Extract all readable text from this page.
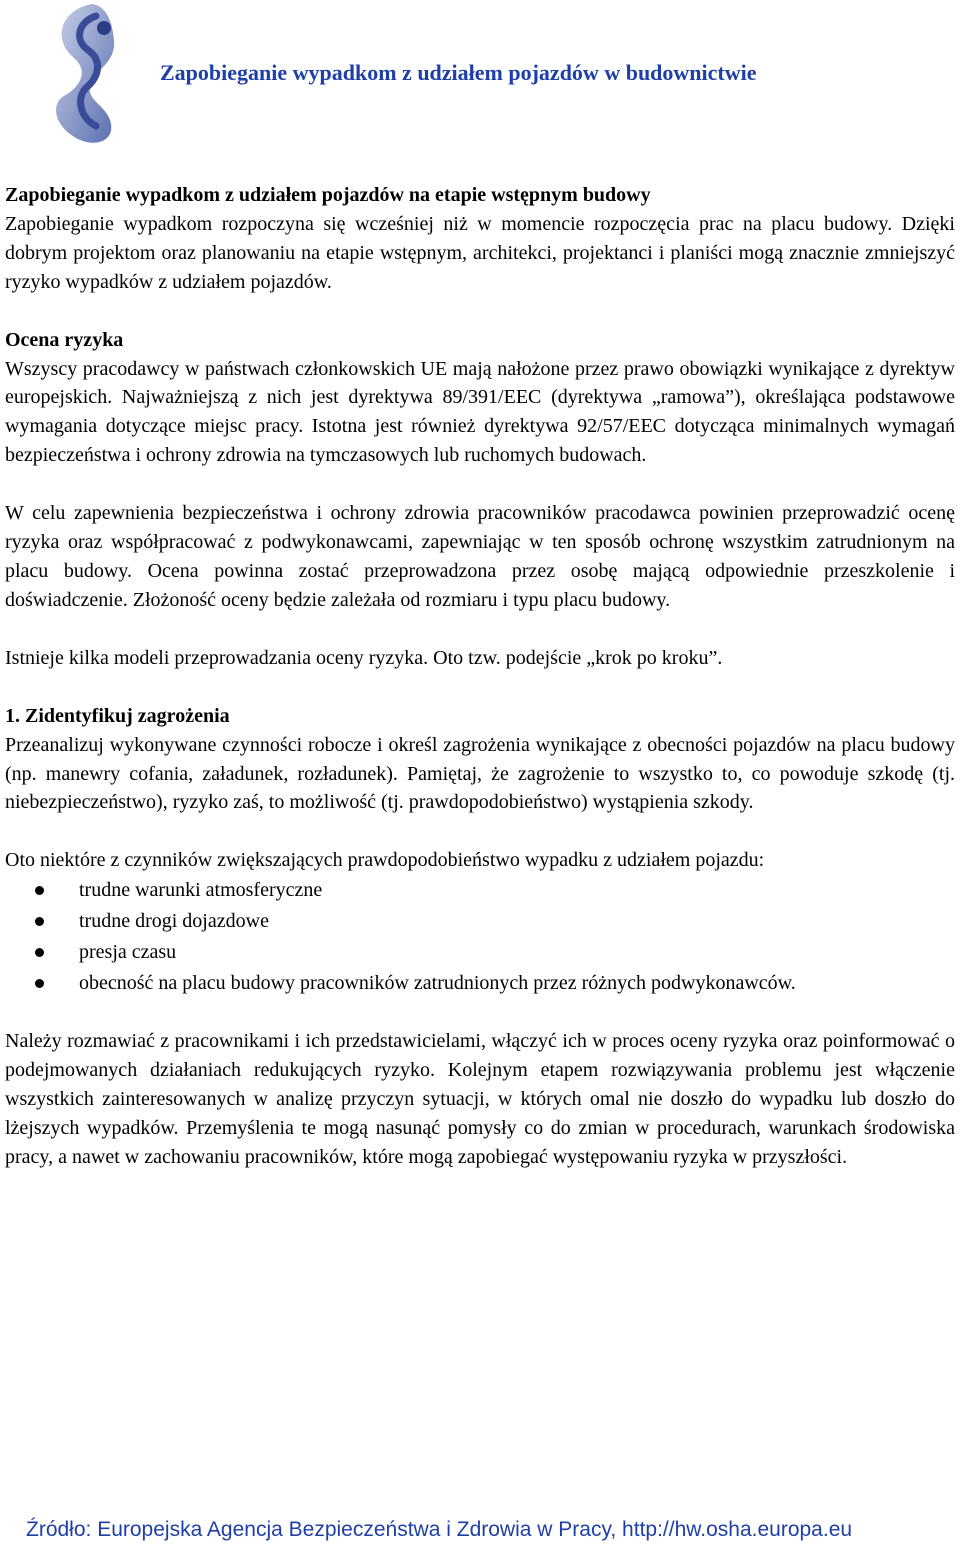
Zapobieganie wypadkom z udziałem pojazdów w budownictwie

Zapobieganie wypadkom z udziałem pojazdów na etapie wstępnym budowy

Zapobieganie wypadkom rozpoczyna się wcześniej niż w momencie rozpoczęcia prac na placu budowy. Dzięki dobrym projektom oraz planowaniu na etapie wstępnym, architekci, projektanci i planiści mogą znacznie zmniejszyć ryzyko wypadków z udziałem pojazdów.

Ocena ryzyka

Wszyscy pracodawcy w państwach członkowskich UE mają nałożone przez prawo obowiązki wynikające z dyrektyw europejskich. Najważniejszą z nich jest dyrektywa 89/391/EEC (dyrektywa „ramowa”), określająca podstawowe wymagania dotyczące miejsc pracy. Istotna jest również dyrektywa 92/57/EEC dotycząca minimalnych wymagań bezpieczeństwa i ochrony zdrowia na tymczasowych lub ruchomych budowach.

W celu zapewnienia bezpieczeństwa i ochrony zdrowia pracowników pracodawca powinien przeprowadzić ocenę ryzyka oraz współpracować z podwykonawcami, zapewniając w ten sposób ochronę wszystkim zatrudnionym na placu budowy. Ocena powinna zostać przeprowadzona przez osobę mającą odpowiednie przeszkolenie i doświadczenie. Złożoność oceny będzie zależała od rozmiaru i typu placu budowy.

Istnieje kilka modeli przeprowadzania oceny ryzyka. Oto tzw. podejście „krok po kroku”.

1. Zidentyfikuj zagrożenia

Przeanalizuj wykonywane czynności robocze i określ zagrożenia wynikające z obecności pojazdów na placu budowy (np. manewry cofania, załadunek, rozładunek). Pamiętaj, że zagrożenie to wszystko to, co powoduje szkodę (tj. niebezpieczeństwo), ryzyko zaś, to możliwość (tj. prawdopodobieństwo) wystąpienia szkody.

Oto niektóre z czynników zwiększających prawdopodobieństwo wypadku z udziałem pojazdu:

trudne warunki atmosferyczne
trudne drogi dojazdowe
presja czasu
obecność na placu budowy pracowników zatrudnionych przez różnych podwykonawców.

Należy rozmawiać z pracownikami i ich przedstawicielami, włączyć ich w proces oceny ryzyka oraz poinformować o podejmowanych działaniach redukujących ryzyko. Kolejnym etapem rozwiązywania problemu jest włączenie wszystkich zainteresowanych w analizę przyczyn sytuacji, w których omal nie doszło do wypadku lub doszło do lżejszych wypadków. Przemyślenia te mogą nasunąć pomysły co do zmian w procedurach, warunkach środowiska pracy, a nawet w zachowaniu pracowników, które mogą zapobiegać występowaniu ryzyka w przyszłości.

Źródło: Europejska Agencja Bezpieczeństwa i Zdrowia w Pracy, http://hw.osha.europa.eu
